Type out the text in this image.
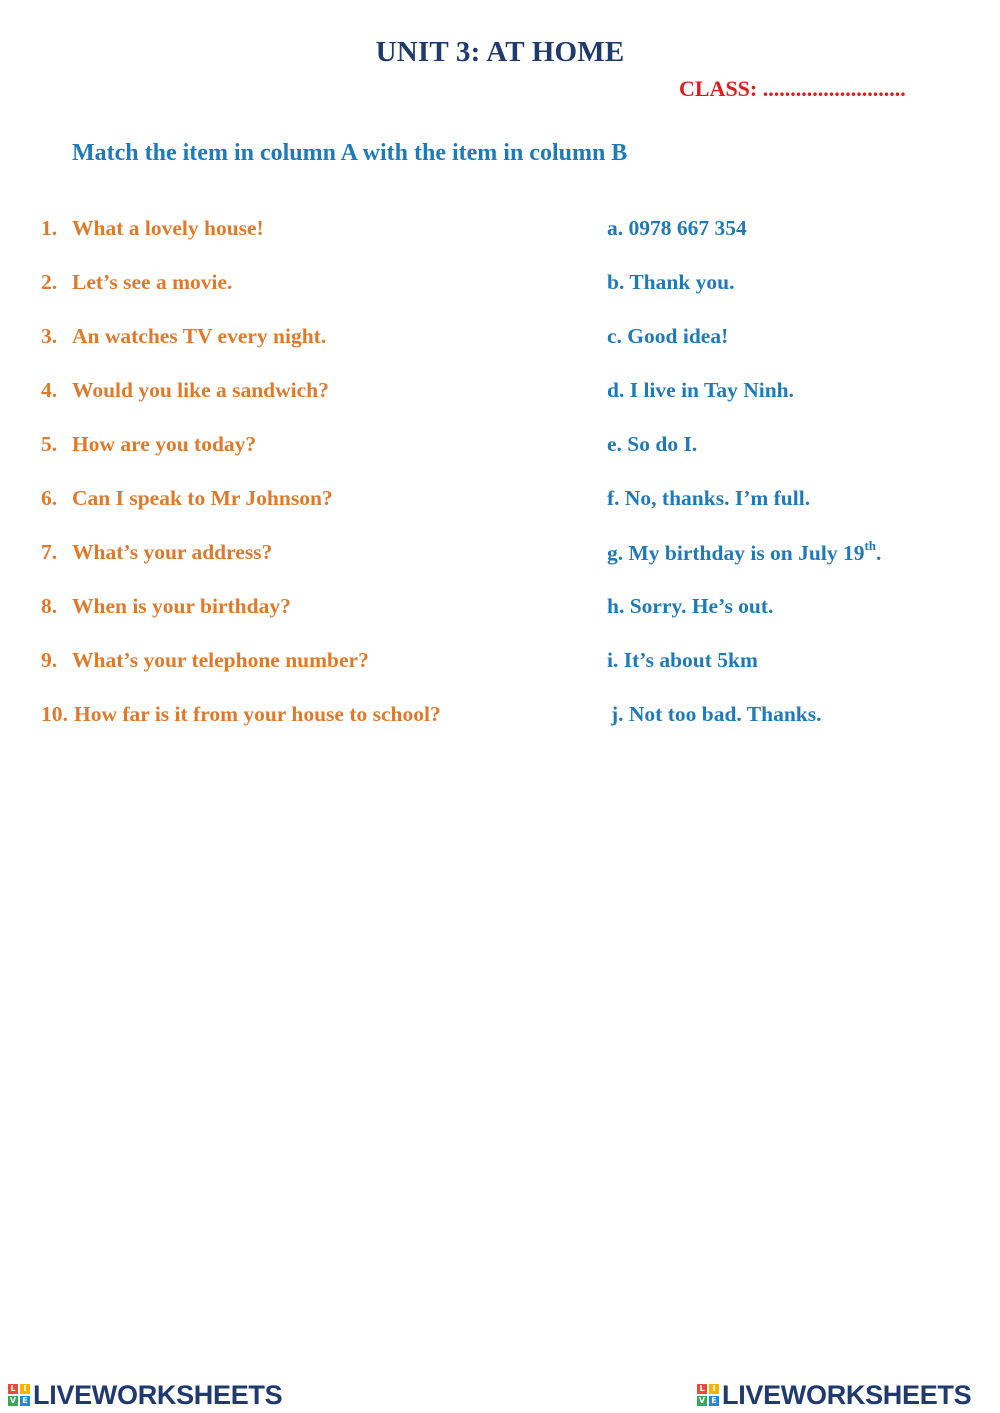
UNIT 3: AT HOME
CLASS: ..........................
Match the item in column A with the item in column B
1. What a lovely house!	a. 0978 667 354
2. Let’s see a movie.	b. Thank you.
3. An watches TV every night.	c. Good idea!
4. Would you like a sandwich?	d. I live in Tay Ninh.
5. How are you today?	e. So do I.
6. Can I speak to Mr Johnson?	f. No, thanks. I’m full.
7. What’s your address?	g. My birthday is on July 19th.
8. When is your birthday?	h. Sorry. He’s out.
9. What’s your telephone number?	i. It’s about 5km
10. How far is it from your house to school?	j. Not too bad. Thanks.
L I
V E LIVEWORKSHEETS	L I
V E LIVEWORKSHEETS
